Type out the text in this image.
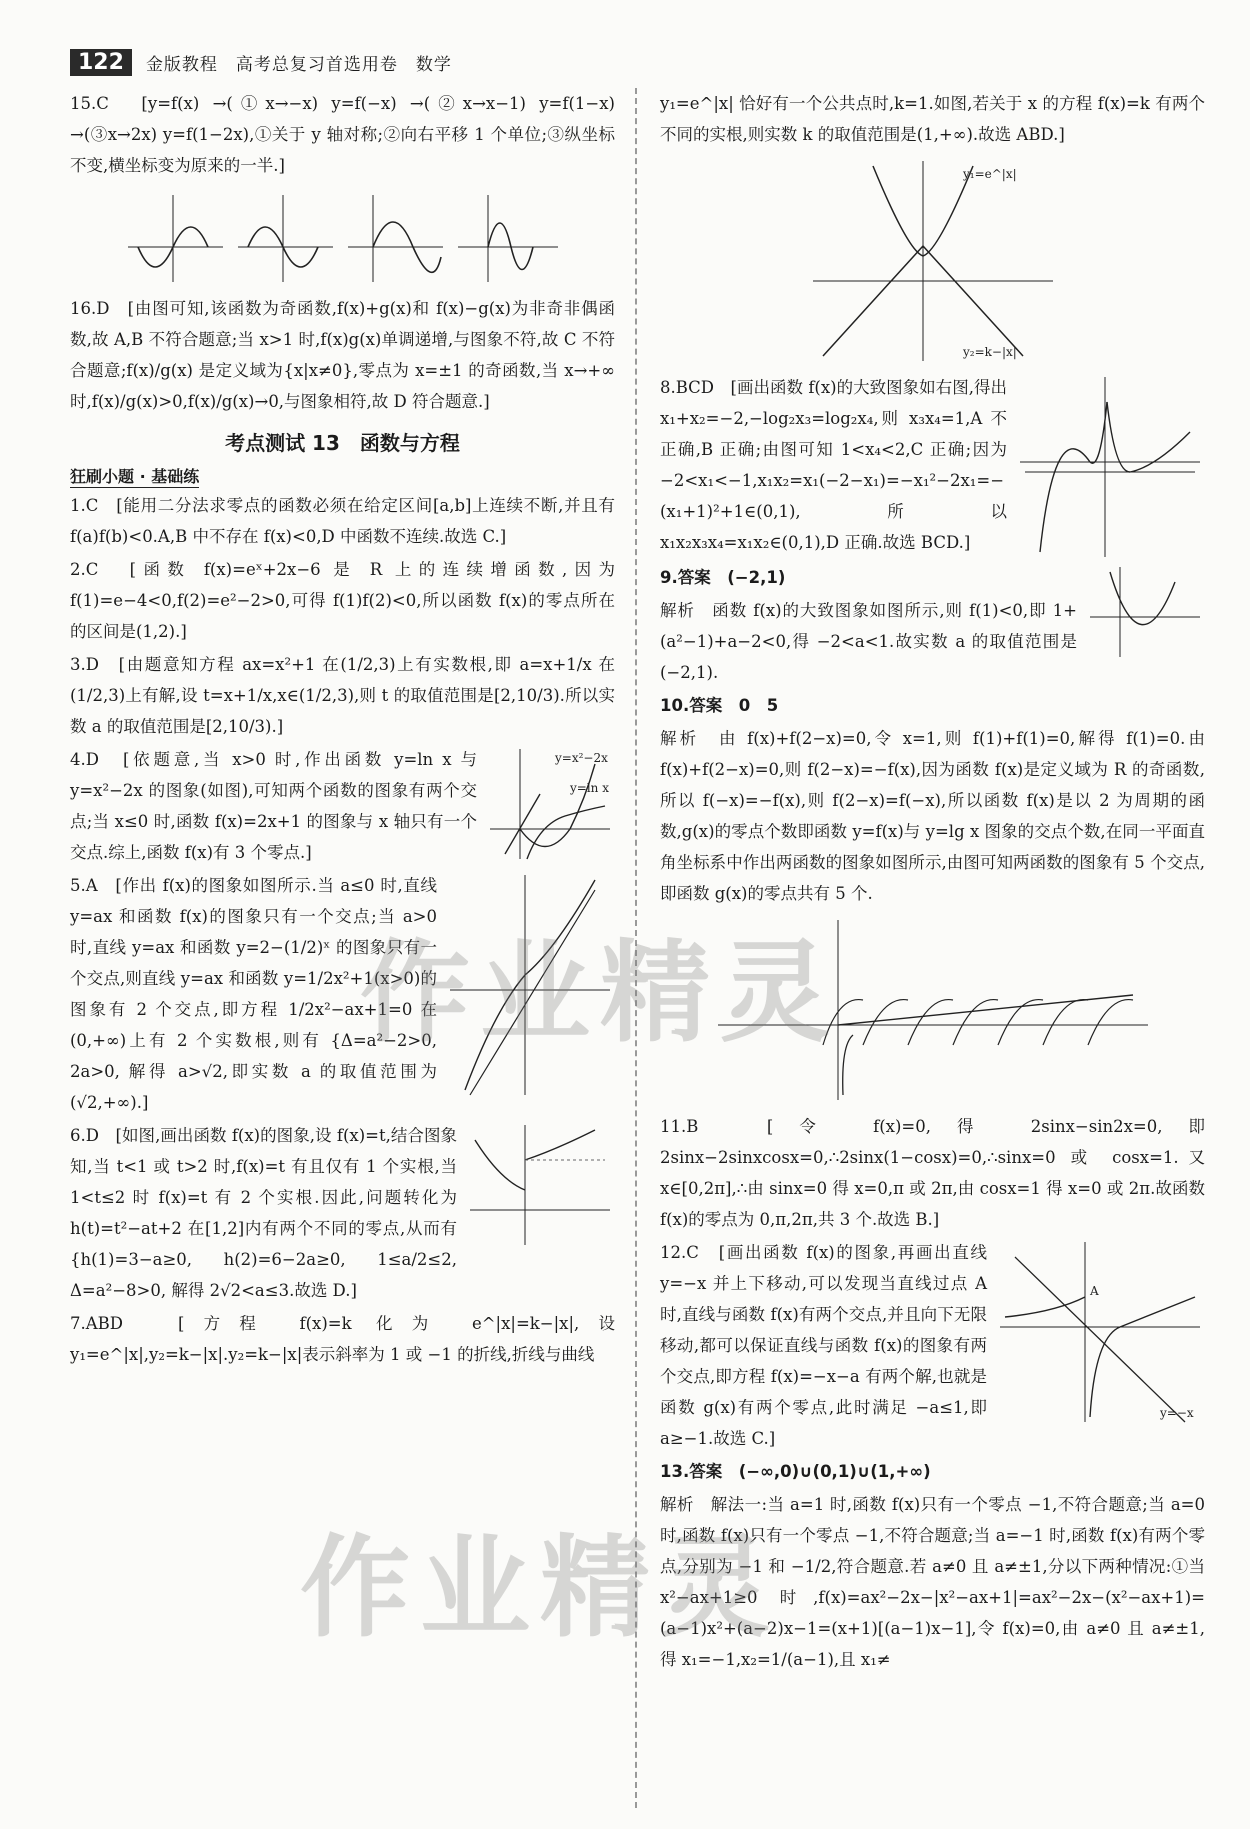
122	金版教程　高考总复习首选用卷　数学

15.C　[y=f(x) →(①x→−x) y=f(−x) →(②x→x−1) y=f(1−x) →(③x→2x) y=f(1−2x),①关于 y 轴对称;②向右平移 1 个单位;③纵坐标不变,横坐标变为原来的一半.]

16.D　[由图可知,该函数为奇函数,f(x)+g(x)和 f(x)−g(x)为非奇非偶函数,故 A,B 不符合题意;当 x>1 时,f(x)g(x)单调递增,与图象不符,故 C 不符合题意;f(x)/g(x) 是定义域为{x|x≠0},零点为 x=±1 的奇函数,当 x→+∞ 时,f(x)/g(x)>0,f(x)/g(x)→0,与图象相符,故 D 符合题意.]

考点测试 13　函数与方程
狂刷小题 · 基础练

1.C　[能用二分法求零点的函数必须在给定区间[a,b]上连续不断,并且有 f(a)f(b)<0.A,B 中不存在 f(x)<0,D 中函数不连续.故选 C.]

2.C　[函数 f(x)=eˣ+2x−6 是 R 上的连续增函数,因为 f(1)=e−4<0,f(2)=e²−2>0,可得 f(1)f(2)<0,所以函数 f(x)的零点所在的区间是(1,2).]

3.D　[由题意知方程 ax=x²+1 在(1/2,3)上有实数根,即 a=x+1/x 在(1/2,3)上有解,设 t=x+1/x,x∈(1/2,3),则 t 的取值范围是[2,10/3).所以实数 a 的取值范围是[2,10/3).]

4.D　[依题意,当 x>0 时,作出函数 y=ln x 与 y=x²−2x 的图象(如图),可知两个函数的图象有两个交点;当 x≤0 时,函数 f(x)=2x+1 的图象与 x 轴只有一个交点.综上,函数 f(x)有 3 个零点.]

y=x²−2x
y=ln x

5.A　[作出 f(x)的图象如图所示.当 a≤0 时,直线 y=ax 和函数 f(x)的图象只有一个交点;当 a>0 时,直线 y=ax 和函数 y=2−(1/2)ˣ 的图象只有一个交点,则直线 y=ax 和函数 y=1/2x²+1(x>0)的图象有 2 个交点,即方程 1/2x²−ax+1=0 在(0,+∞)上有 2 个实数根,则有 {Δ=a²−2>0, 2a>0, 解得 a>√2,即实数 a 的取值范围为(√2,+∞).]

6.D　[如图,画出函数 f(x)的图象,设 f(x)=t,结合图象知,当 t<1 或 t>2 时,f(x)=t 有且仅有 1 个实根,当 1<t≤2 时 f(x)=t 有 2 个实根.因此,问题转化为 h(t)=t²−at+2 在[1,2]内有两个不同的零点,从而有 {h(1)=3−a≥0, h(2)=6−2a≥0, 1≤a/2≤2, Δ=a²−8>0, 解得 2√2<a≤3.故选 D.]

7.ABD　[方程 f(x)=k 化为 e^|x|=k−|x|,设 y₁=e^|x|,y₂=k−|x|.y₂=k−|x|表示斜率为 1 或 −1 的折线,折线与曲线

y₁=e^|x| 恰好有一个公共点时,k=1.如图,若关于 x 的方程 f(x)=k 有两个不同的实根,则实数 k 的取值范围是(1,+∞).故选 ABD.]

y₁=e^|x|
y₂=k−|x|

8.BCD　[画出函数 f(x)的大致图象如右图,得出 x₁+x₂=−2,−log₂x₃=log₂x₄,则 x₃x₄=1,A 不正确,B 正确;由图可知 1<x₄<2,C 正确;因为 −2<x₁<−1,x₁x₂=x₁(−2−x₁)=−x₁²−2x₁=−(x₁+1)²+1∈(0,1),所以 x₁x₂x₃x₄=x₁x₂∈(0,1),D 正确.故选 BCD.]

9.答案　(−2,1)

解析　函数 f(x)的大致图象如图所示,则 f(1)<0,即 1+(a²−1)+a−2<0,得 −2<a<1.故实数 a 的取值范围是(−2,1).

10.答案　0　5

解析　由 f(x)+f(2−x)=0,令 x=1,则 f(1)+f(1)=0,解得 f(1)=0.由 f(x)+f(2−x)=0,则 f(2−x)=−f(x),因为函数 f(x)是定义域为 R 的奇函数,所以 f(−x)=−f(x),则 f(2−x)=f(−x),所以函数 f(x)是以 2 为周期的函数,g(x)的零点个数即函数 y=f(x)与 y=lg x 图象的交点个数,在同一平面直角坐标系中作出两函数的图象如图所示,由图可知两函数的图象有 5 个交点,即函数 g(x)的零点共有 5 个.

11.B　[令 f(x)=0,得 2sinx−sin2x=0,即 2sinx−2sinxcosx=0,∴2sinx(1−cosx)=0,∴sinx=0 或 cosx=1.又 x∈[0,2π],∴由 sinx=0 得 x=0,π 或 2π,由 cosx=1 得 x=0 或 2π.故函数 f(x)的零点为 0,π,2π,共 3 个.故选 B.]

12.C　[画出函数 f(x)的图象,再画出直线 y=−x 并上下移动,可以发现当直线过点 A 时,直线与函数 f(x)有两个交点,并且向下无限移动,都可以保证直线与函数 f(x)的图象有两个交点,即方程 f(x)=−x−a 有两个解,也就是函数 g(x)有两个零点,此时满足 −a≤1,即 a≥−1.故选 C.]

A
y=−x

13.答案　(−∞,0)∪(0,1)∪(1,+∞)

解析　解法一:当 a=1 时,函数 f(x)只有一个零点 −1,不符合题意;当 a=0 时,函数 f(x)只有一个零点 −1,不符合题意;当 a=−1 时,函数 f(x)有两个零点,分别为 −1 和 −1/2,符合题意.若 a≠0 且 a≠±1,分以下两种情况:①当 x²−ax+1≥0 时,f(x)=ax²−2x−|x²−ax+1|=ax²−2x−(x²−ax+1)=(a−1)x²+(a−2)x−1=(x+1)[(a−1)x−1],令 f(x)=0,由 a≠0 且 a≠±1,得 x₁=−1,x₂=1/(a−1),且 x₁≠

作业精灵
作业精灵
